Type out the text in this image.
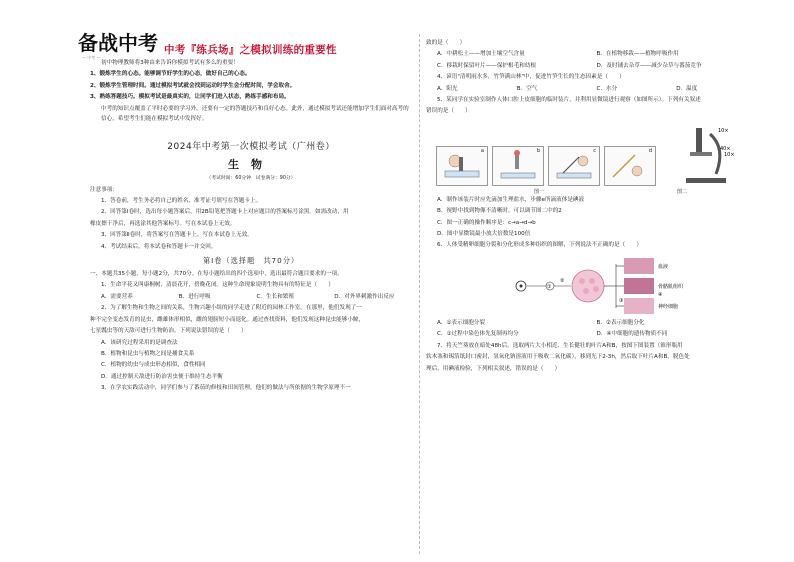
备战中考
— 中考 —
中考『练兵场』之模拟训练的重要性

初中物理教师将3种由来告诉你模拟考试有多么的重要！

1、锻炼学生的心态。能够调节好学生的心态，做好自己的心态。

2、锻炼学生管理时间。通过模拟考试就会找到运动时学生会分配时间，学会取舍。

3、熟练答题技巧。模拟考试是最真实的，让同学们进入状态，熟练手感和布局。

中考的知识点覆盖了平时必要的学习外，还要有一定的答题技巧和良好心态。此外，通过模拟考试还能增加学生们面对高考的信心，希望考生们能在模拟考试中发挥好。

2024年中考第一次模拟考试（广州卷）

生物

（考试时间：60分钟　试卷满分：90分）

注意事项：

1、答卷前，考生务必将自己的姓名、准考证号填写在答题卡上。

2、回答第Ⅰ卷时，选出每小题答案后，用2B铅笔把答题卡上对应题目的答案标号涂黑。如需改动，用

橡皮擦干净后，再选涂其他答案标号。写在本试卷上无效。

3、回答第Ⅱ卷时，将答案写在答题卡上。写在本试卷上无效。

4、考试结束后，将本试卷和答题卡一并交回。

第Ⅰ卷（选择题　共70分）

一、本题共35小题，每小题2分，共70分。在每小题给出的四个选项中，选出最符合题目要求的一项。

1、生命平花又叫康桐树，清晨花开，傍晚花闭。这种生命现象说明生物具有的特征是（　　）

A．需要营养	B．进行呼吸	C．生长和繁殖	D．对外界刺激作出反应

2、为了解生物和生物之间的关系，生物兴趣小组的同学走进了附近的园林工作室。在那里，他们发现了一

种不完全变态发育的昆虫，雌雄体形相似，雌的翅膀短小而退化。通过查找资料，他们发现这种昆虫能够小鲸，

七星瓢虫等的天敌可进行生物防治。下列说法错误的是（　　）

A．该研究过程采用的是调查法

B．植物和昆虫与植物之间是捕食关系

C．植物的幼虫与成虫形态相似，食性相同

D．通过控制天敌进行防治害虫便于维持生态平衡

3、在学农实践活动中，同学们参与了番茄的修枝和田间管理，他们的做法与所依据的生物学原理不一

致的是（　　）

A．中耕松土——增加土壤空气含量	B．在植物移栽——植物呼吸作用
C．移栽时保留叶片——保护根毛和幼根	D．及时铺去杂草——减少杂草与番茄竞争

4、谚语"清明雨水多，竹笋满山林"中，促进竹笋生长的生态因素是（　　）

A．阳光	B．空气	C．水分	D．温度

5、某同学在实验室制作人体口腔上皮细胞的临时装片，并利用显微镜进行观察（如图所示）。下列有关叙述

错误的是（　　）

a	b	c	d
10×
40×
10×
图一	图二

A．制作该装片时应先滴加生理盐水，步骤e所滴液体是碘液

B．视野中找到物像不清晰时，可以调节图二中的2

C．图一正确的操作顺序是：c→a→d→b

D．图中显微镜最小放大倍数是100倍

6、人体受精卵细胞分裂和分化形成多种组织的图解，下列说法不正确的是（　　）

①
②
③
血液
骨骼肌组织
神经细胞
④
A．①表示细胞分裂	B．②表示细胞分化
C．①过程中染色体先复制再均分	D．④中细胞的遗传物质不同

7、将天竺葵放在暗处48h后，选取两片大小相近、生长健壮的叶片A和B，按图下图装置（锥形瓶用

软木塞和锡箔纸封口密封，氢氧化钠溶液用于吸收二氧化碳），移到光下2-3h，然后取下叶片A和B，脱色处

理后，用碘液检验，下列相关叙述，错误的是（　　）
